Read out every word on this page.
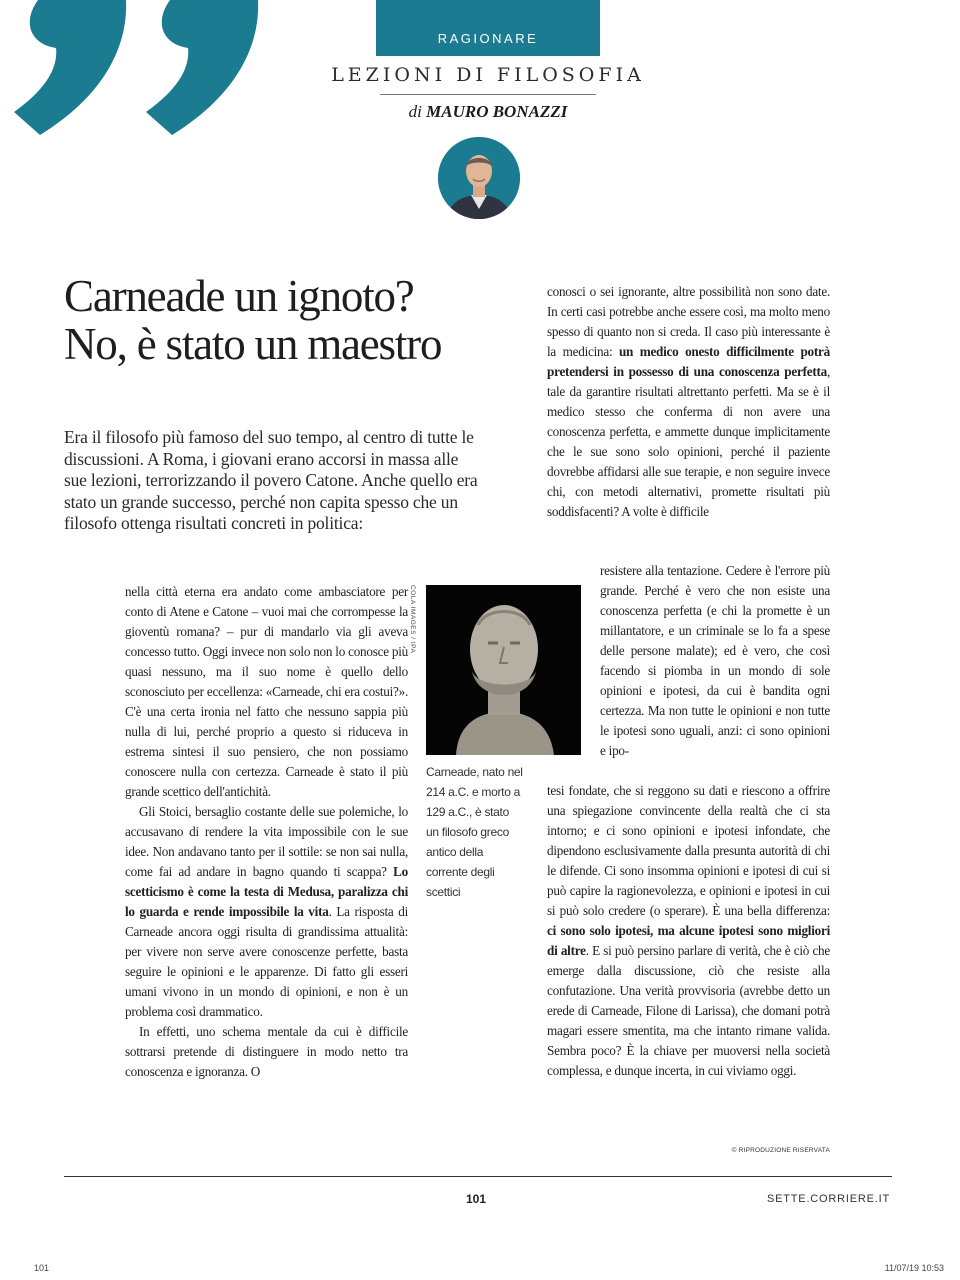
RAGIONARE
LEZIONI DI FILOSOFIA
di MAURO BONAZZI
Carneade un ignoto?
No, è stato un maestro

Era il filosofo più famoso del suo tempo, al centro di tutte le discussioni. A Roma, i giovani erano accorsi in massa alle sue lezioni, terrorizzando il povero Catone. Anche quello era stato un grande successo, perché non capita spesso che un filosofo ottenga risultati concreti in politica:

nella città eterna era andato come ambasciatore per conto di Atene e Catone – vuoi mai che corrompesse la gioventù romana? – pur di mandarlo via gli aveva concesso tutto. Oggi invece non solo non lo conosce più quasi nessuno, ma il suo nome è quello dello sconosciuto per eccellenza: «Carneade, chi era costui?». C'è una certa ironia nel fatto che nessuno sappia più nulla di lui, perché proprio a questo si riduceva in estrema sintesi il suo pensiero, che non possiamo conoscere nulla con certezza. Carneade è stato il più grande scettico dell'antichità.

Gli Stoici, bersaglio costante delle sue polemiche, lo accusavano di rendere la vita impossibile con le sue idee. Non andavano tanto per il sottile: se non sai nulla, come fai ad andare in bagno quando ti scappa? Lo scetticismo è come la testa di Medusa, paralizza chi lo guarda e rende impossibile la vita. La risposta di Carneade ancora oggi risulta di grandissima attualità: per vivere non serve avere conoscenze perfette, basta seguire le opinioni e le apparenze. Di fatto gli esseri umani vivono in un mondo di opinioni, e non è un problema così drammatico.

In effetti, uno schema mentale da cui è difficile sottrarsi pretende di distinguere in modo netto tra conoscenza e ignoranza. O

COLA IMAGES / IPA
Carneade, nato nel 214 a.C. e morto a 129 a.C., è stato un filosofo greco antico della corrente degli scettici

conosci o sei ignorante, altre possibilità non sono date. In certi casi potrebbe anche essere così, ma molto meno spesso di quanto non si creda. Il caso più interessante è la medicina: un medico onesto difficilmente potrà pretendersi in possesso di una conoscenza perfetta, tale da garantire risultati altrettanto perfetti. Ma se è il medico stesso che conferma di non avere una conoscenza perfetta, e ammette dunque implicitamente che le sue sono solo opinioni, perché il paziente dovrebbe affidarsi alle sue terapie, e non seguire invece chi, con metodi alternativi, promette risultati più soddisfacenti? A volte è difficile

resistere alla tentazione. Cedere è l'errore più grande. Perché è vero che non esiste una conoscenza perfetta (e chi la promette è un millantatore, e un criminale se lo fa a spese delle persone malate); ed è vero, che così facendo si piomba in un mondo di sole opinioni e ipotesi, da cui è bandita ogni certezza. Ma non tutte le opinioni e non tutte le ipotesi sono uguali, anzi: ci sono opinioni e ipo-

tesi fondate, che si reggono su dati e riescono a offrire una spiegazione convincente della realtà che ci sta intorno; e ci sono opinioni e ipotesi infondate, che dipendono esclusivamente dalla presunta autorità di chi le difende. Ci sono insomma opinioni e ipotesi di cui si può capire la ragionevolezza, e opinioni e ipotesi in cui si può solo credere (o sperare). È una bella differenza: ci sono solo ipotesi, ma alcune ipotesi sono migliori di altre. E si può persino parlare di verità, che è ciò che emerge dalla discussione, ciò che resiste alla confutazione. Una verità provvisoria (avrebbe detto un erede di Carneade, Filone di Larissa), che domani potrà magari essere smentita, ma che intanto rimane valida. Sembra poco? È la chiave per muoversi nella società complessa, e dunque incerta, in cui viviamo oggi.

© RIPRODUZIONE RISERVATA
101	SETTE.CORRIERE.IT
101	11/07/19 10:53
